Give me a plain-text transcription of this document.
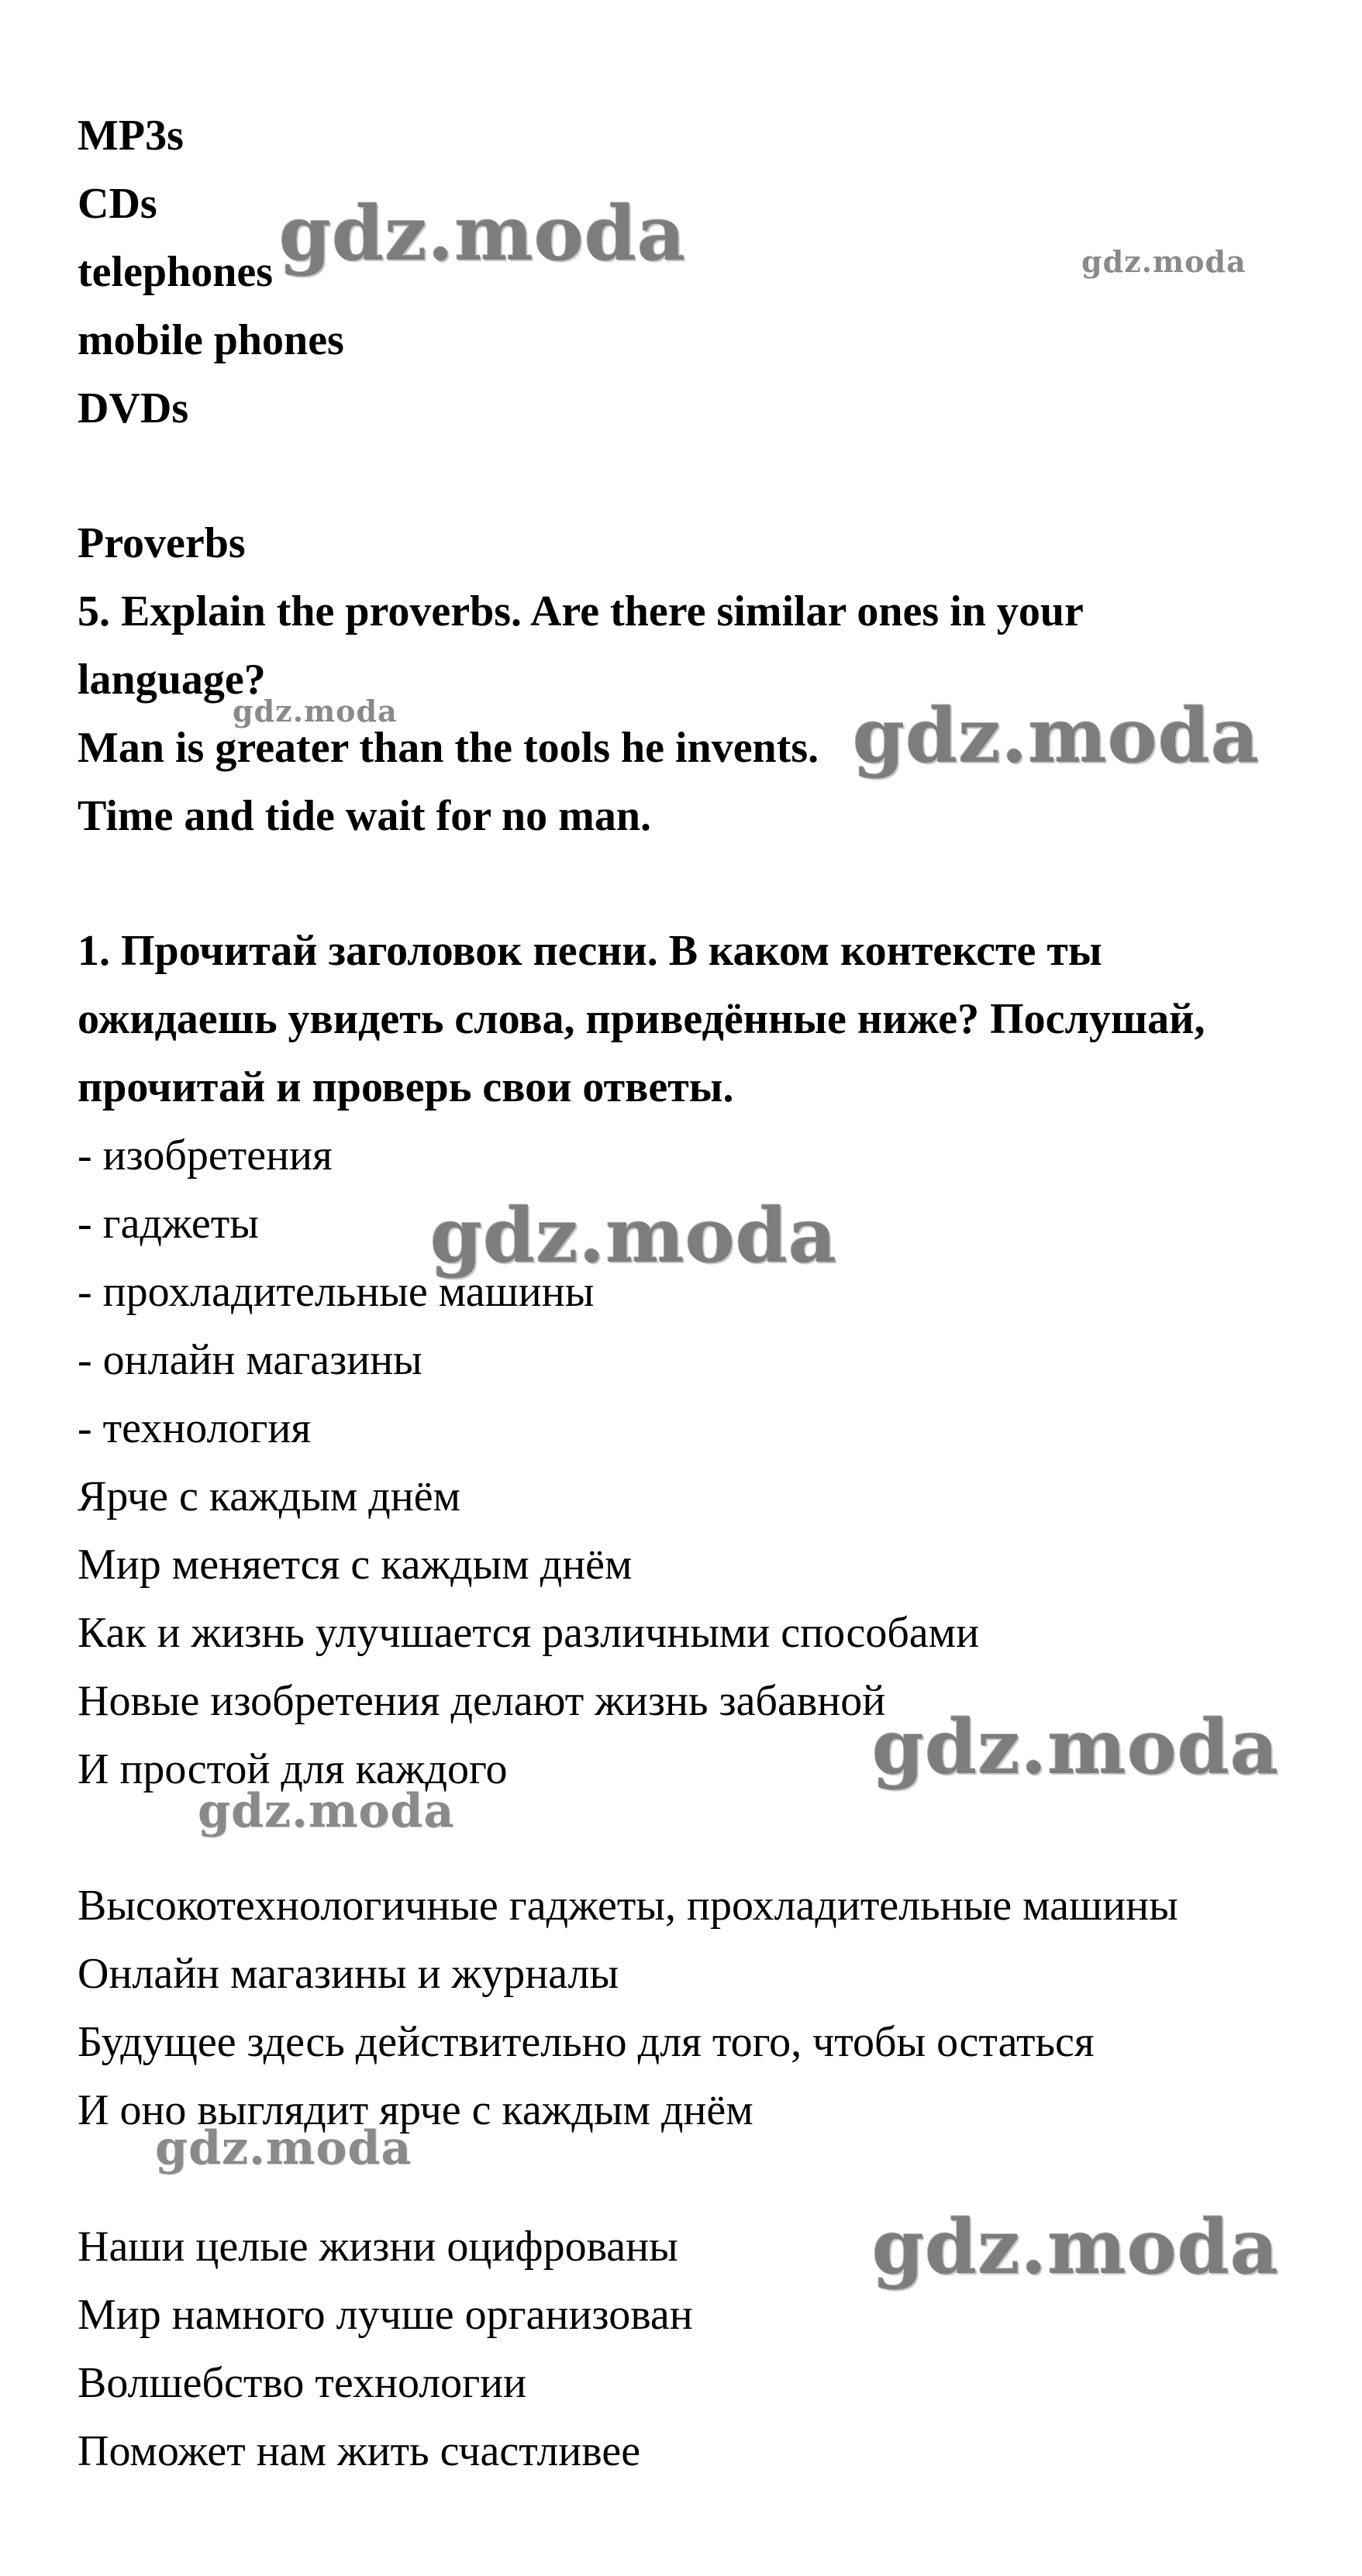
MP3s
CDs
telephones
mobile phones
DVDs
Proverbs
5. Explain the proverbs. Are there similar ones in your
language?
Man is greater than the tools he invents.
Time and tide wait for no man.
1. Прочитай заголовок песни. В каком контексте ты
ожидаешь увидеть слова, приведённые ниже? Послушай,
прочитай и проверь свои ответы.
- изобретения
- гаджеты
- прохладительные машины
- онлайн магазины
- технология
Ярче с каждым днём
Мир меняется с каждым днём
Как и жизнь улучшается различными способами
Новые изобретения делают жизнь забавной
И простой для каждого
Высокотехнологичные гаджеты, прохладительные машины
Онлайн магазины и журналы
Будущее здесь действительно для того, чтобы остаться
И оно выглядит ярче с каждым днём
Наши целые жизни оцифрованы
Мир намного лучше организован
Волшебство технологии
Поможет нам жить счастливее
gdz.moda	gdz.moda
gdz.moda	gdz.moda
gdz.moda
gdz.moda
gdz.moda
gdz.moda
gdz.moda
